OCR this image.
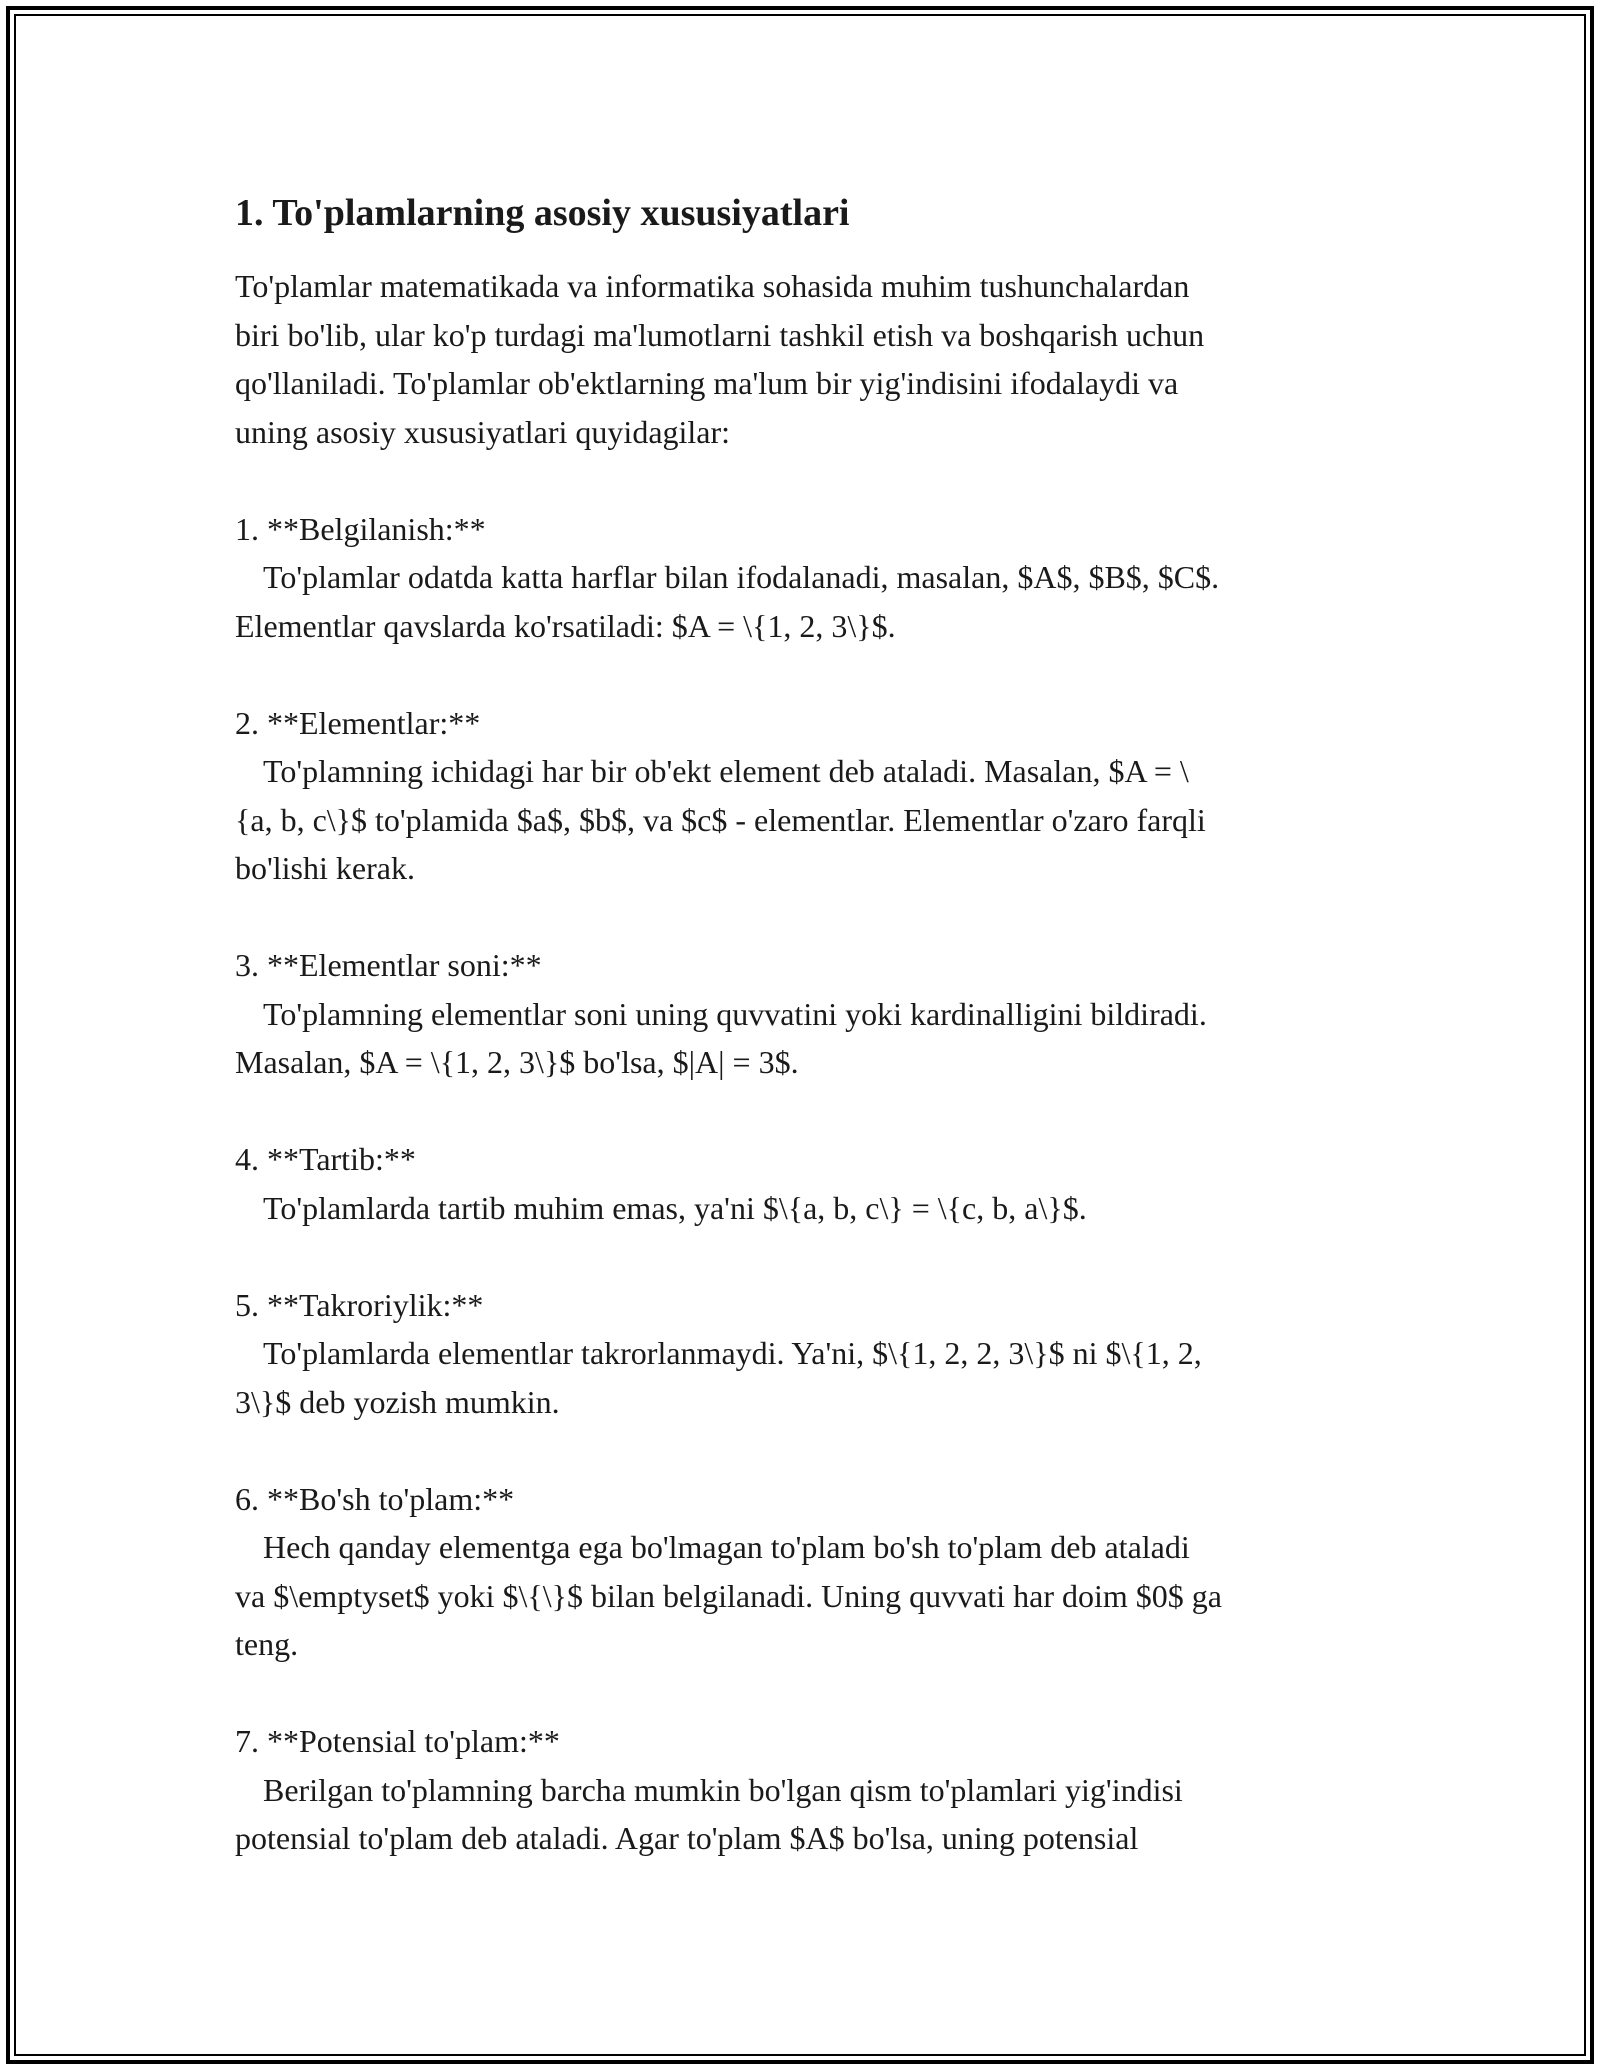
1. To'plamlarning asosiy xususiyatlari

To'plamlar matematikada va informatika sohasida muhim tushunchalardan
biri bo'lib, ular ko'p turdagi ma'lumotlarni tashkil etish va boshqarish uchun
qo'llaniladi. To'plamlar ob'ektlarning ma'lum bir yig'indisini ifodalaydi va
uning asosiy xususiyatlari quyidagilar:

1. **Belgilanish:**
To'plamlar odatda katta harflar bilan ifodalanadi, masalan, $A$, $B$, $C$.
Elementlar qavslarda ko'rsatiladi: $A = \{1, 2, 3\}$.
2. **Elementlar:**
To'plamning ichidagi har bir ob'ekt element deb ataladi. Masalan, $A = \
{a, b, c\}$ to'plamida $a$, $b$, va $c$ - elementlar. Elementlar o'zaro farqli
bo'lishi kerak.
3. **Elementlar soni:**
To'plamning elementlar soni uning quvvatini yoki kardinalligini bildiradi.
Masalan, $A = \{1, 2, 3\}$ bo'lsa, $|A| = 3$.
4. **Tartib:**
To'plamlarda tartib muhim emas, ya'ni $\{a, b, c\} = \{c, b, a\}$.
5. **Takroriylik:**
To'plamlarda elementlar takrorlanmaydi. Ya'ni, $\{1, 2, 2, 3\}$ ni $\{1, 2,
3\}$ deb yozish mumkin.
6. **Bo'sh to'plam:**
Hech qanday elementga ega bo'lmagan to'plam bo'sh to'plam deb ataladi
va $\emptyset$ yoki $\{\}$ bilan belgilanadi. Uning quvvati har doim $0$ ga
teng.
7. **Potensial to'plam:**
Berilgan to'plamning barcha mumkin bo'lgan qism to'plamlari yig'indisi
potensial to'plam deb ataladi. Agar to'plam $A$ bo'lsa, uning potensial
